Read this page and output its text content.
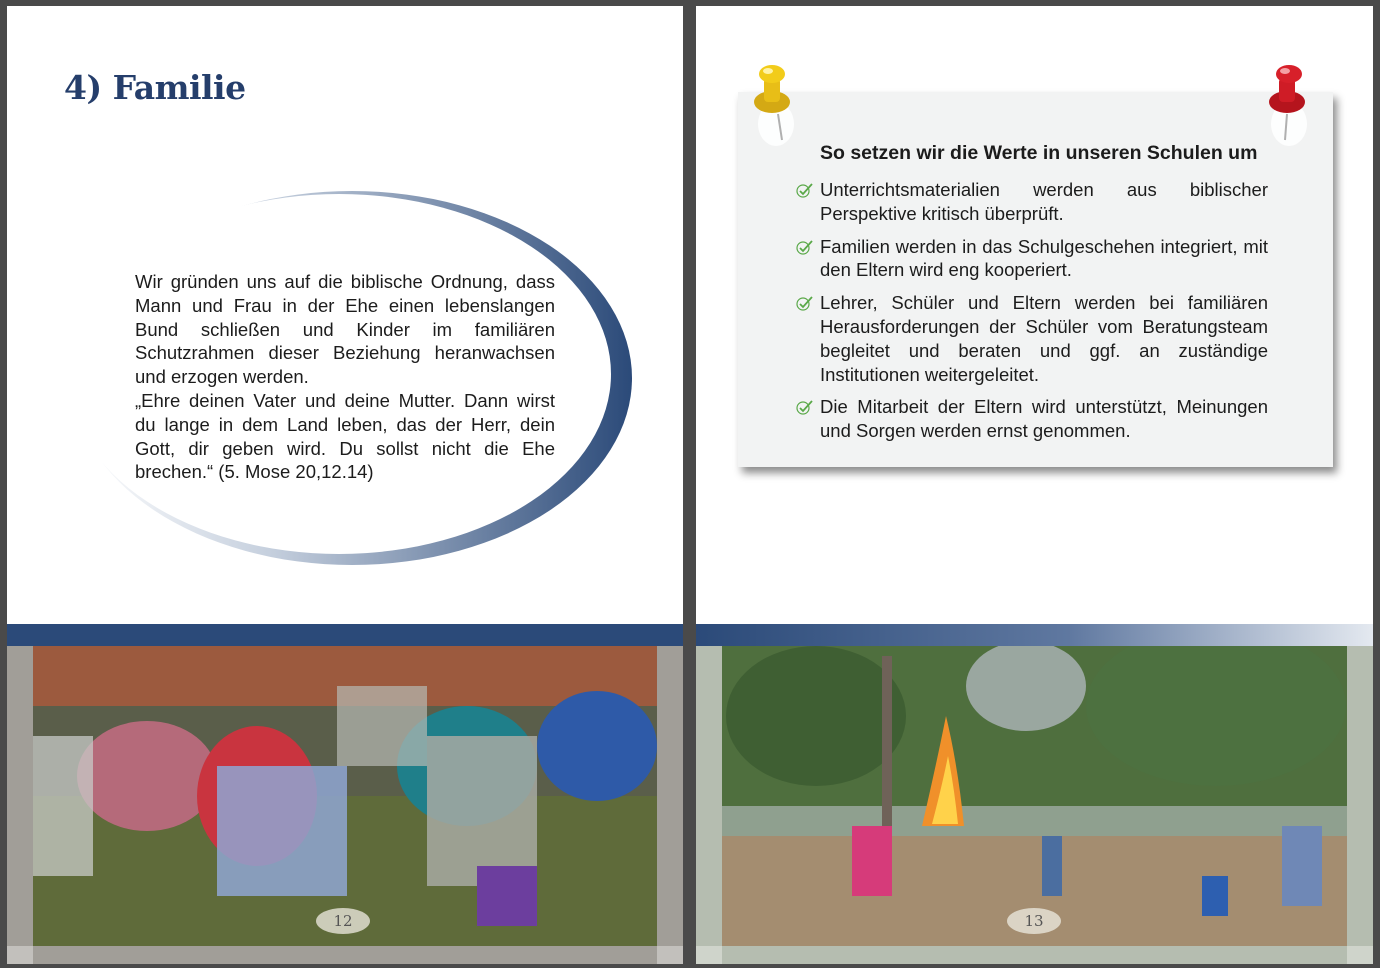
4) Familie

Wir gründen uns auf die biblische Ordnung, dass Mann und Frau in der Ehe einen lebenslangen Bund schließen und Kinder im familiären Schutzrahmen dieser Beziehung heranwachsen und erzogen werden.

„Ehre deinen Vater und deine Mutter. Dann wirst du lange in dem Land leben, das der Herr, dein Gott, dir geben wird. Du sollst nicht die Ehe brechen.“ (5. Mose 20,12.14)

12
So setzen wir die Werte in unseren Schulen um
Unterrichtsmaterialien werden aus biblischer Perspektive kritisch überprüft.
Familien werden in das Schulgeschehen integriert, mit den Eltern wird eng kooperiert.
Lehrer, Schüler und Eltern werden bei familiären Herausforderungen der Schüler vom Beratungsteam begleitet und beraten und ggf. an zuständige Institutionen weitergeleitet.
Die Mitarbeit der Eltern wird unterstützt, Meinungen und Sorgen werden ernst genommen.
13
